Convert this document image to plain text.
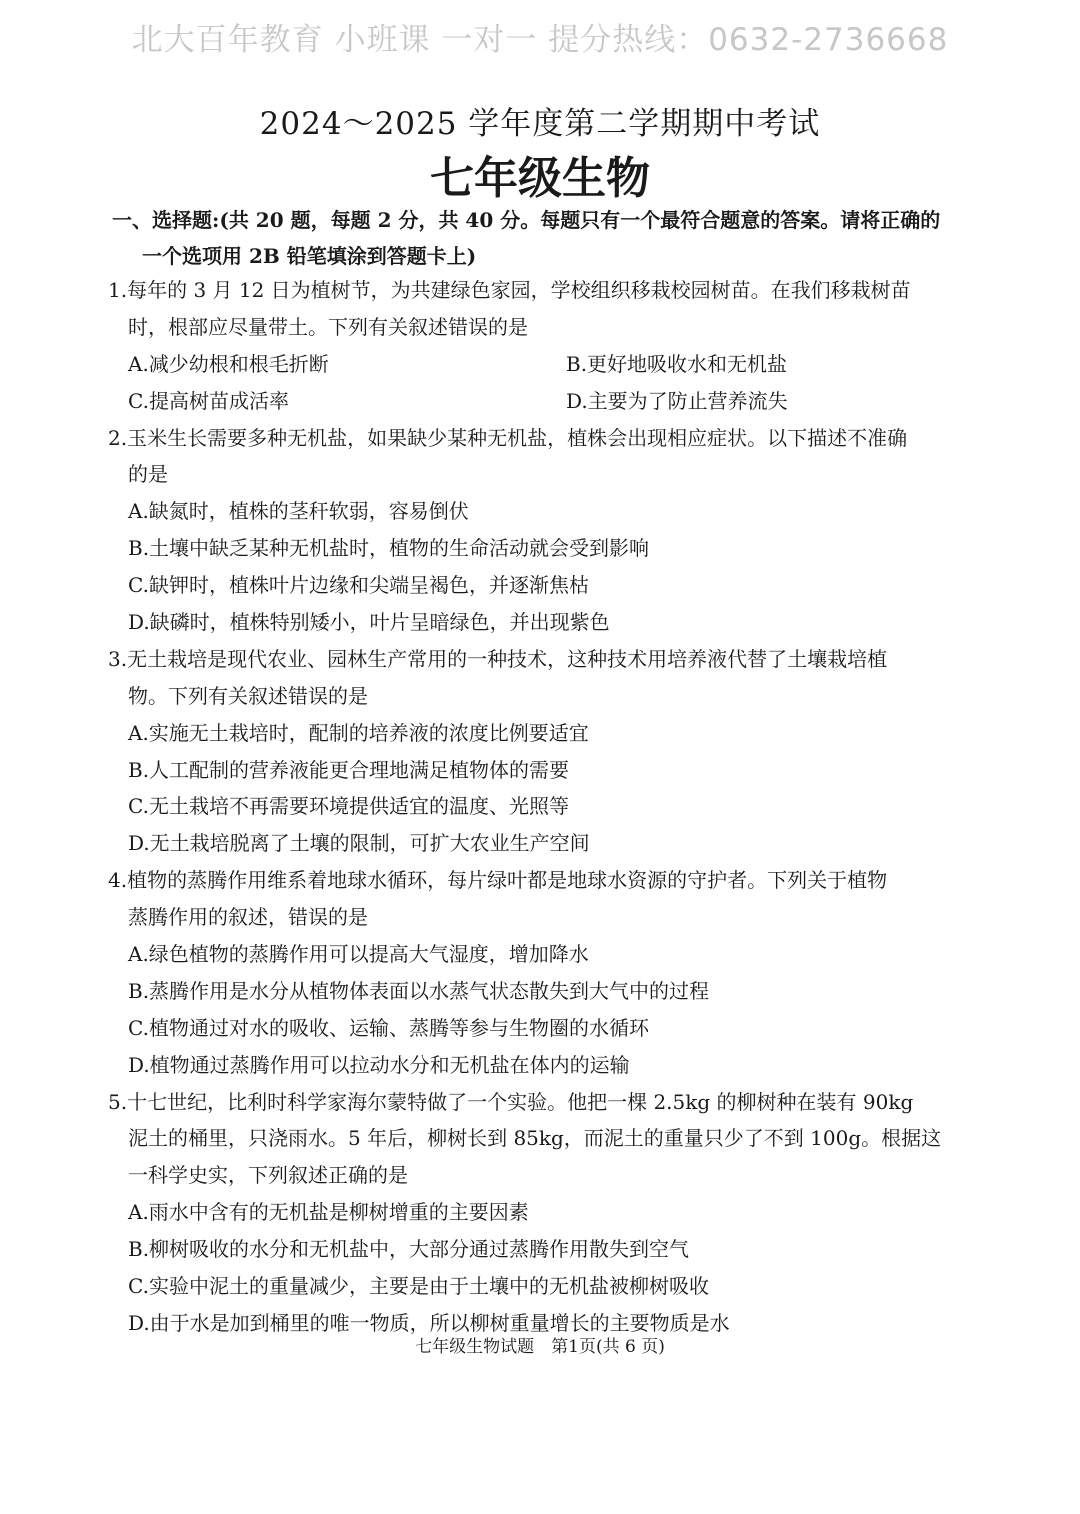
北大百年教育 小班课 一对一 提分热线：0632-2736668
2024～2025 学年度第二学期期中考试
七年级生物
一、选择题:(共 20 题，每题 2 分，共 40 分。每题只有一个最符合题意的答案。请将正确的
一个选项用 2B 铅笔填涂到答题卡上)
1.每年的 3 月 12 日为植树节，为共建绿色家园，学校组织移栽校园树苗。在我们移栽树苗
时，根部应尽量带土。下列有关叙述错误的是
A.减少幼根和根毛折断	B.更好地吸收水和无机盐
C.提高树苗成活率	D.主要为了防止营养流失
2.玉米生长需要多种无机盐，如果缺少某种无机盐，植株会出现相应症状。以下描述不准确
的是
A.缺氮时，植株的茎秆软弱，容易倒伏
B.土壤中缺乏某种无机盐时，植物的生命活动就会受到影响
C.缺钾时，植株叶片边缘和尖端呈褐色，并逐渐焦枯
D.缺磷时，植株特别矮小，叶片呈暗绿色，并出现紫色
3.无土栽培是现代农业、园林生产常用的一种技术，这种技术用培养液代替了土壤栽培植
物。下列有关叙述错误的是
A.实施无土栽培时，配制的培养液的浓度比例要适宜
B.人工配制的营养液能更合理地满足植物体的需要
C.无土栽培不再需要环境提供适宜的温度、光照等
D.无土栽培脱离了土壤的限制，可扩大农业生产空间
4.植物的蒸腾作用维系着地球水循环，每片绿叶都是地球水资源的守护者。下列关于植物
蒸腾作用的叙述，错误的是
A.绿色植物的蒸腾作用可以提高大气湿度，增加降水
B.蒸腾作用是水分从植物体表面以水蒸气状态散失到大气中的过程
C.植物通过对水的吸收、运输、蒸腾等参与生物圈的水循环
D.植物通过蒸腾作用可以拉动水分和无机盐在体内的运输
5.十七世纪，比利时科学家海尔蒙特做了一个实验。他把一棵 2.5kg 的柳树种在装有 90kg
泥土的桶里，只浇雨水。5 年后，柳树长到 85kg，而泥土的重量只少了不到 100g。根据这
一科学史实，下列叙述正确的是
A.雨水中含有的无机盐是柳树增重的主要因素
B.柳树吸收的水分和无机盐中，大部分通过蒸腾作用散失到空气
C.实验中泥土的重量减少，主要是由于土壤中的无机盐被柳树吸收
D.由于水是加到桶里的唯一物质，所以柳树重量增长的主要物质是水
七年级生物试题　第1页(共 6 页)
